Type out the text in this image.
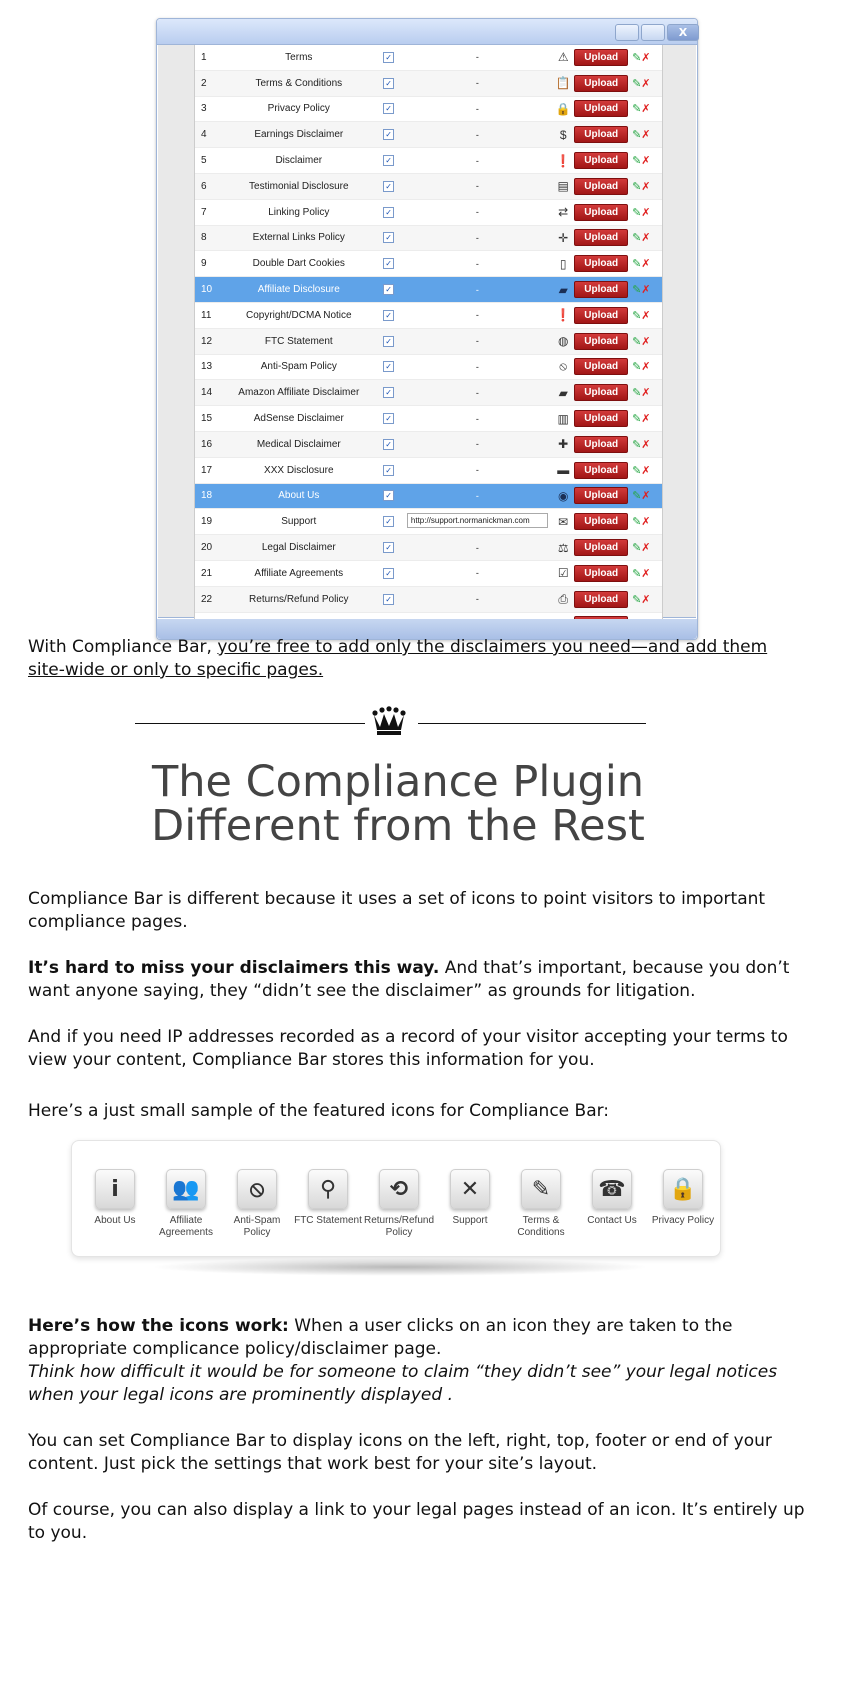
X
1	Terms	✓	-	⚠	Upload	✎✗
2	Terms & Conditions	✓	-	📋	Upload	✎✗
3	Privacy Policy	✓	-	🔒	Upload	✎✗
4	Earnings Disclaimer	✓	-	$	Upload	✎✗
5	Disclaimer	✓	-	❗	Upload	✎✗
6	Testimonial Disclosure	✓	-	▤	Upload	✎✗
7	Linking Policy	✓	-	⇄	Upload	✎✗
8	External Links Policy	✓	-	✛	Upload	✎✗
9	Double Dart Cookies	✓	-	▯	Upload	✎✗
10	Affiliate Disclosure	✓	-	▰	Upload	✎✗
11	Copyright/DCMA Notice	✓	-	❗	Upload	✎✗
12	FTC Statement	✓	-	◍	Upload	✎✗
13	Anti-Spam Policy	✓	-	⦸	Upload	✎✗
14	Amazon Affiliate Disclaimer	✓	-	▰	Upload	✎✗
15	AdSense Disclaimer	✓	-	▥	Upload	✎✗
16	Medical Disclaimer	✓	-	✚	Upload	✎✗
17	XXX Disclosure	✓	-	▬	Upload	✎✗
18	About Us	✓	-	◉	Upload	✎✗
19	Support	✓	http://support.normanickman.com	✉	Upload	✎✗
20	Legal Disclaimer	✓	-	⚖	Upload	✎✗
21	Affiliate Agreements	✓	-	☑	Upload	✎✗
22	Returns/Refund Policy	✓	-	⎙	Upload	✎✗

With Compliance Bar, you’re free to add only the disclaimers you need—and add them site-wide or only to specific pages.

The Compliance Plugin
Different from the Rest

Compliance Bar is different because it uses a set of icons to point visitors to important compliance pages.

It’s hard to miss your disclaimers this way. And that’s important, because you don’t want anyone saying, they “didn’t see the disclaimer” as grounds for litigation.

And if you need IP addresses recorded as a record of your visitor accepting your terms to view your content, Compliance Bar stores this information for you.

Here’s a just small sample of the featured icons for Compliance Bar:

i
About Us
👥
Affiliate Agreements
⦸
Anti-Spam Policy
⚲
FTC Statement
⟲
Returns/Refund Policy
✕
Support
✎
Terms & Conditions
☎
Contact Us
🔒
Privacy Policy

Here’s how the icons work: When a user clicks on an icon they are taken to the appropriate complicance policy/disclaimer page.
Think how difficult it would be for someone to claim “they didn’t see” your legal notices when your legal icons are prominently displayed .

You can set Compliance Bar to display icons on the left, right, top, footer or end of your content. Just pick the settings that work best for your site’s layout.

Of course, you can also display a link to your legal pages instead of an icon. It’s entirely up to you.
